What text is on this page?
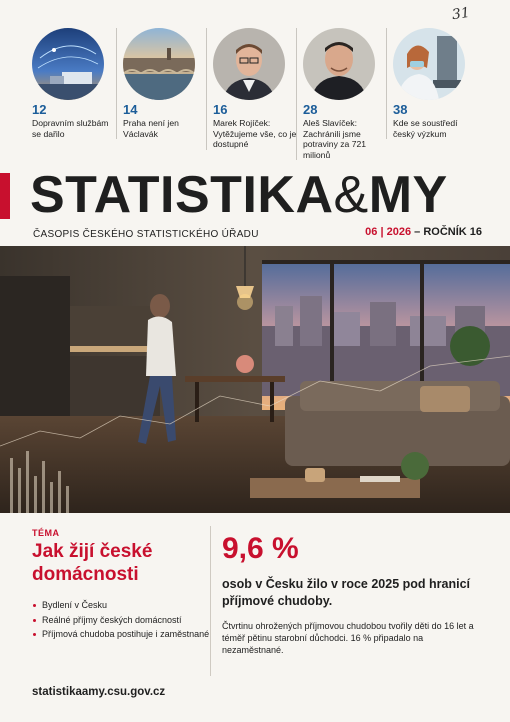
31
12
Dopravním službám se dařilo
14
Praha není jen Václavák
16
Marek Rojíček: Vytěžujeme vše, co je dostupné
28
Aleš Slavíček: Zachránili jsme potraviny za 721 milionů
38
Kde se soustředí český výzkum
STATISTIKA&MY
ČASOPIS ČESKÉHO STATISTICKÉHO ÚŘADU	06 | 2026 – ROČNÍK 16
TÉMA
Jak žijí české domácnosti
Bydlení v Česku
Reálné příjmy českých domácností
Příjmová chudoba postihuje i zaměstnané
9,6 %
osob v Česku žilo v roce 2025 pod hranicí příjmové chudoby.
Čtvrtinu ohrožených příjmovou chudobou tvořily děti do 16 let a téměř pětinu starobní důchodci. 16 % připadalo na nezaměstnané.
statistikaamy.csu.gov.cz
